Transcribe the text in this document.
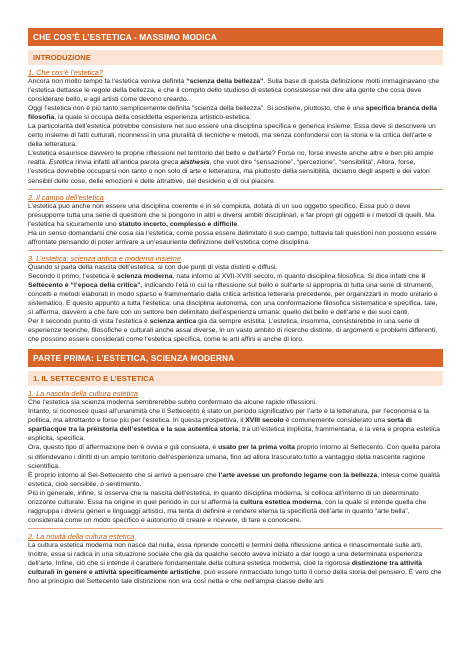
CHE COS’È L’ESTETICA - MASSIMO MODICA
INTRODUZIONE
1. Che cos’è l’estetica?

Ancora non molto tempo fa l’estetica veniva definita “scienza della bellezza”. Sulla base di questa definizione molti immaginavano che l’estetica dettasse le regole della bellezza, e che il compito dello studioso di estetica consistesse nel dire alla gente che cosa deve considerare bello, e agli artisti come devono creardo.

Oggi l’estetica non è più tanto semplicemente definita “scienza della bellezza”. Si sostiene, piuttosto, che è una specifica branca della filosofia, la quale si occupa della cosiddetta esperienza artistico-estetica.

La particolarità dell’estetica potrebbe consistere nel suo essere una disciplina specifica e generica insieme. Essa deve si descrivere un certo insieme di fatti culturali, riconnessi in una pluralità di tecniche e metodi, ma senza confondersi con la storia e la critica dell’arte e della letteratura.

L’estetica esaurisce davvero le proprie riflessioni nel territorio del bello e dell’arte? Forse no, forse investe anche altre e ben più ampie realtà. Estetica rinvia infatti all’antica parola greca aisthesis, che vuol dire “sensazione”, “percezione”, “sensibilità”. Allora, forse, l’estetica dovrebbe occuparsi non tanto o non solo di arte e letteratura, ma piuttosto della sensibilità, diciamo degli aspetti e dei valori sensibili delle cose, delle emozioni e delle attrattive, del desiderio e di oui piacere.

2. Il campo dell’estetica

L’estetica può anche non essere una disciplina coerente e in sé compiuta, dotata di un suo oggetto specifico. Essa può o deve presupporre tutta una serie di questioni che si pongono in altri e diversi ambiti disciplinari, e far propri gli oggetti e i metodi di quelli. Ma l’estetica ha sicuramente uno statuto incerto, complesso e difficile.

Ha un senso domandarsi che cosa sia l’estetica, come possa essere delimitato il suo campo, tuttavia tali questioni non possono essere affrontate pensando di poter arrivare a un’esauriente definizione dell’estetica come disciplina.

3. L’estetica: scienza antica e moderna insieme

Quando si parla della nascita dell’estetica, si con due punti di vista distinti e diffusi.

Secondo il primo, l’estetica è scienza moderna, nata intorno al XVII-XVIII secolo, in quanto disciplina filosofica. Si dice infatti che il Settecento è “l’epoca della critica”, indicando l’età in cui la riflessione sul bello e sull’arte si appropria di tutta una serie di strumenti, concetti e metodi elaborati in modo sparso e frammentario dalla critica artistica letteraria precedente, per organizzarli in modo unitario e sistematico. E questo appunto a tutta l’estetica: una disciplina autonoma, con una conformazione filosofica sistematica e specifica, tale, sì afferma, davvero a che fare con un settore ben delimitato dell’esperienza umana: quello del bello e dell’arte e dei suoi canti.

Per il secondo punto di vista l’estetica è scienza antica già da sempre esistita. L’estetica, insomma, consisterebbe in una serie di esperienze teoriche, filosofiche e culturali anche assai diverse, in un vasto ambito di ricerche distinte, di argomenti e problemi differenti, che possono essere considerati come l’estetica specifica, come le arti affini e anche di loro.

PARTE PRIMA: L’ESTETICA, SCIENZA MODERNA
1. IL SETTECENTO E L’ESTETICA
1. La nascita della cultura estetica

Che l’estetica sia scienza moderna sembrerebbe subito confermato da alcune rapide riflessioni.

Intanto, si riconosce quasi all’unanimità che il Settecento è stato un periodo significativo per l’arte e la letteratura, per l’economia e la politica, ma altrettanto e forse più per l’estetica. In questa prospettiva, il XVIII secolo è comunemente considerato una sorta di spartiacque tra la preistoria dell’estetica e la sua autentica storia; tra un’estetica implicita, frammentaria, e la vera e propria estetica esplicita, specifica.

Ora, questo tipo di affermazione ben è ovvia e già consueta, è usato per la prima volta proprio intorno al Settecento. Con quella parola si difendevano i diritti di un ampio territorio dell’esperienza umana, fino ad allora trascurato tutto a vantaggio della nascente ragione scientifica.

È proprio intorno al Sei-Settecento che si arrivò a pensare che l’arte avesse un profondo legame con la bellezza, intesa come qualità estetica, cioè sensibile, o sentimento.

Più in generale, infine, si osserva che la nascita dell’estetica, in quanto disciplina moderna, si colloca all’interno di un determinato orizzonte culturale. Essa ha origine in quel periodo in cui si afferma la cultura estetica moderna, con la quale si intende quella che raggruppa i diversi generi e linguaggi artistici, ma tenta di definire e rendere eterna la specificità dell’arte in quanto “arte bella”, considerata come un modo specifico e autonomo di creare e ricevere, di fare e conoscere.

2. La novità della cultura estetica

La cultura estetica moderna non nasce dal nulla, essa riprende concetti e termini della riflessione antica e rinascimentale sulle arti. Inoltre, essa si radica in una situazione sociale che già da qualche secolo aveva iniziato a dar luogo a una determinata esperienza dell’arte. Infine, ciò che si intende il carattere fondamentale della cultura estetica moderna, cioè la rigorosa distinzione tra attività culturali in genere e attività specificamente artistiche, può essere rintracciato lungo tutto il corso della storia del pensiero. È vero che fino al principio del Settecento tale distinzione non era così netta e che nell’ampia classe delle arti
